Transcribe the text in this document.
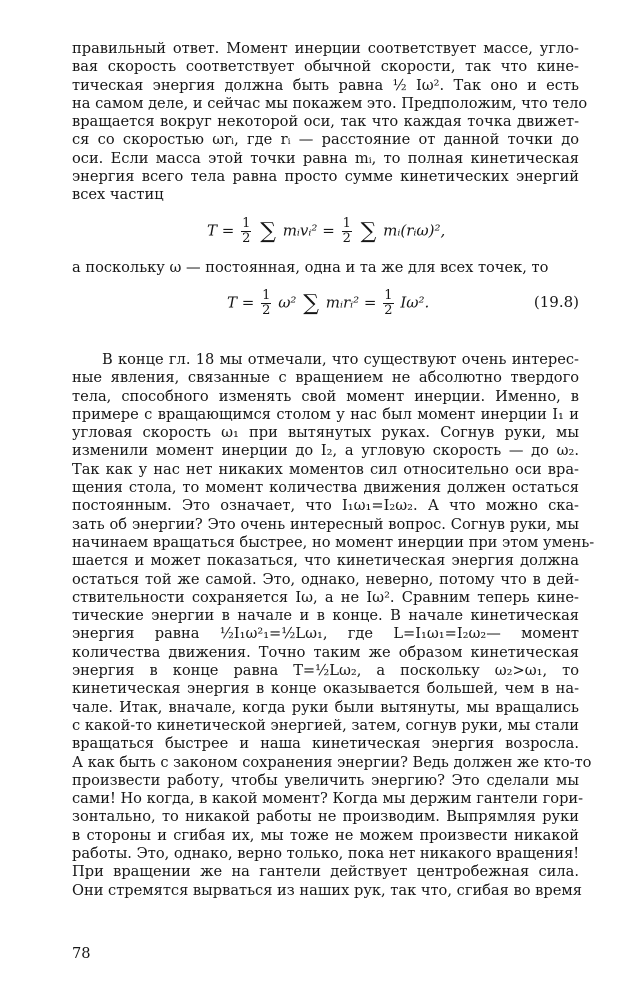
правильный ответ. Момент инерции соответствует массе, угло-
вая скорость соответствует обычной скорости, так что кине-
тическая энергия должна быть равна ½ Iω². Так оно и есть
на самом деле, и сейчас мы покажем это. Предположим, что тело
вращается вокруг некоторой оси, так что каждая точка движет-
ся со скоростью ωrᵢ, где rᵢ — расстояние от данной точки до
оси. Если масса этой точки равна mᵢ, то полная кинетическая
энергия всего тела равна просто сумме кинетических энергий
всех частиц
$T = \frac{1}{2}$ ∑ mᵢvᵢ² = $\frac{1}{2}$ ∑ mᵢ(rᵢω)²,
а поскольку ω — постоянная, одна и та же для всех точек, то
$T = \frac{1}{2} \omega^2$ ∑ mᵢrᵢ² = $\frac{1}{2} I\omega^2$.	(19.8)
В конце гл. 18 мы отмечали, что существуют очень интерес-
ные явления, связанные с вращением не абсолютно твердого
тела, способного изменять свой момент инерции. Именно, в
примере с вращающимся столом у нас был момент инерции I₁ и
угловая скорость ω₁ при вытянутых руках. Согнув руки, мы
изменили момент инерции до I₂, а угловую скорость — до ω₂.
Так как у нас нет никаких моментов сил относительно оси вра-
щения стола, то момент количества движения должен остаться
постоянным. Это означает, что I₁ω₁=I₂ω₂. А что можно ска-
зать об энергии? Это очень интересный вопрос. Согнув руки, мы
начинаем вращаться быстрее, но момент инерции при этом умень-
шается и может показаться, что кинетическая энергия должна
остаться той же самой. Это, однако, неверно, потому что в дей-
ствительности сохраняется Iω, а не Iω². Сравним теперь кине-
тические энергии в начале и в конце. В начале кинетическая
энергия равна ½I₁ω²₁=½Lω₁, где L=I₁ω₁=I₂ω₂— момент
количества движения. Точно таким же образом кинетическая
энергия в конце равна T=½Lω₂, а поскольку ω₂>ω₁, то
кинетическая энергия в конце оказывается большей, чем в на-
чале. Итак, вначале, когда руки были вытянуты, мы вращались
с какой-то кинетической энергией, затем, согнув руки, мы стали
вращаться быстрее и наша кинетическая энергия возросла.
А как быть с законом сохранения энергии? Ведь должен же кто-то
произвести работу, чтобы увеличить энергию? Это сделали мы
сами! Но когда, в какой момент? Когда мы держим гантели гори-
зонтально, то никакой работы не производим. Выпрямляя руки
в стороны и сгибая их, мы тоже не можем произвести никакой
работы. Это, однако, верно только, пока нет никакого вращения!
При вращении же на гантели действует центробежная сила.
Они стремятся вырваться из наших рук, так что, сгибая во время
78
